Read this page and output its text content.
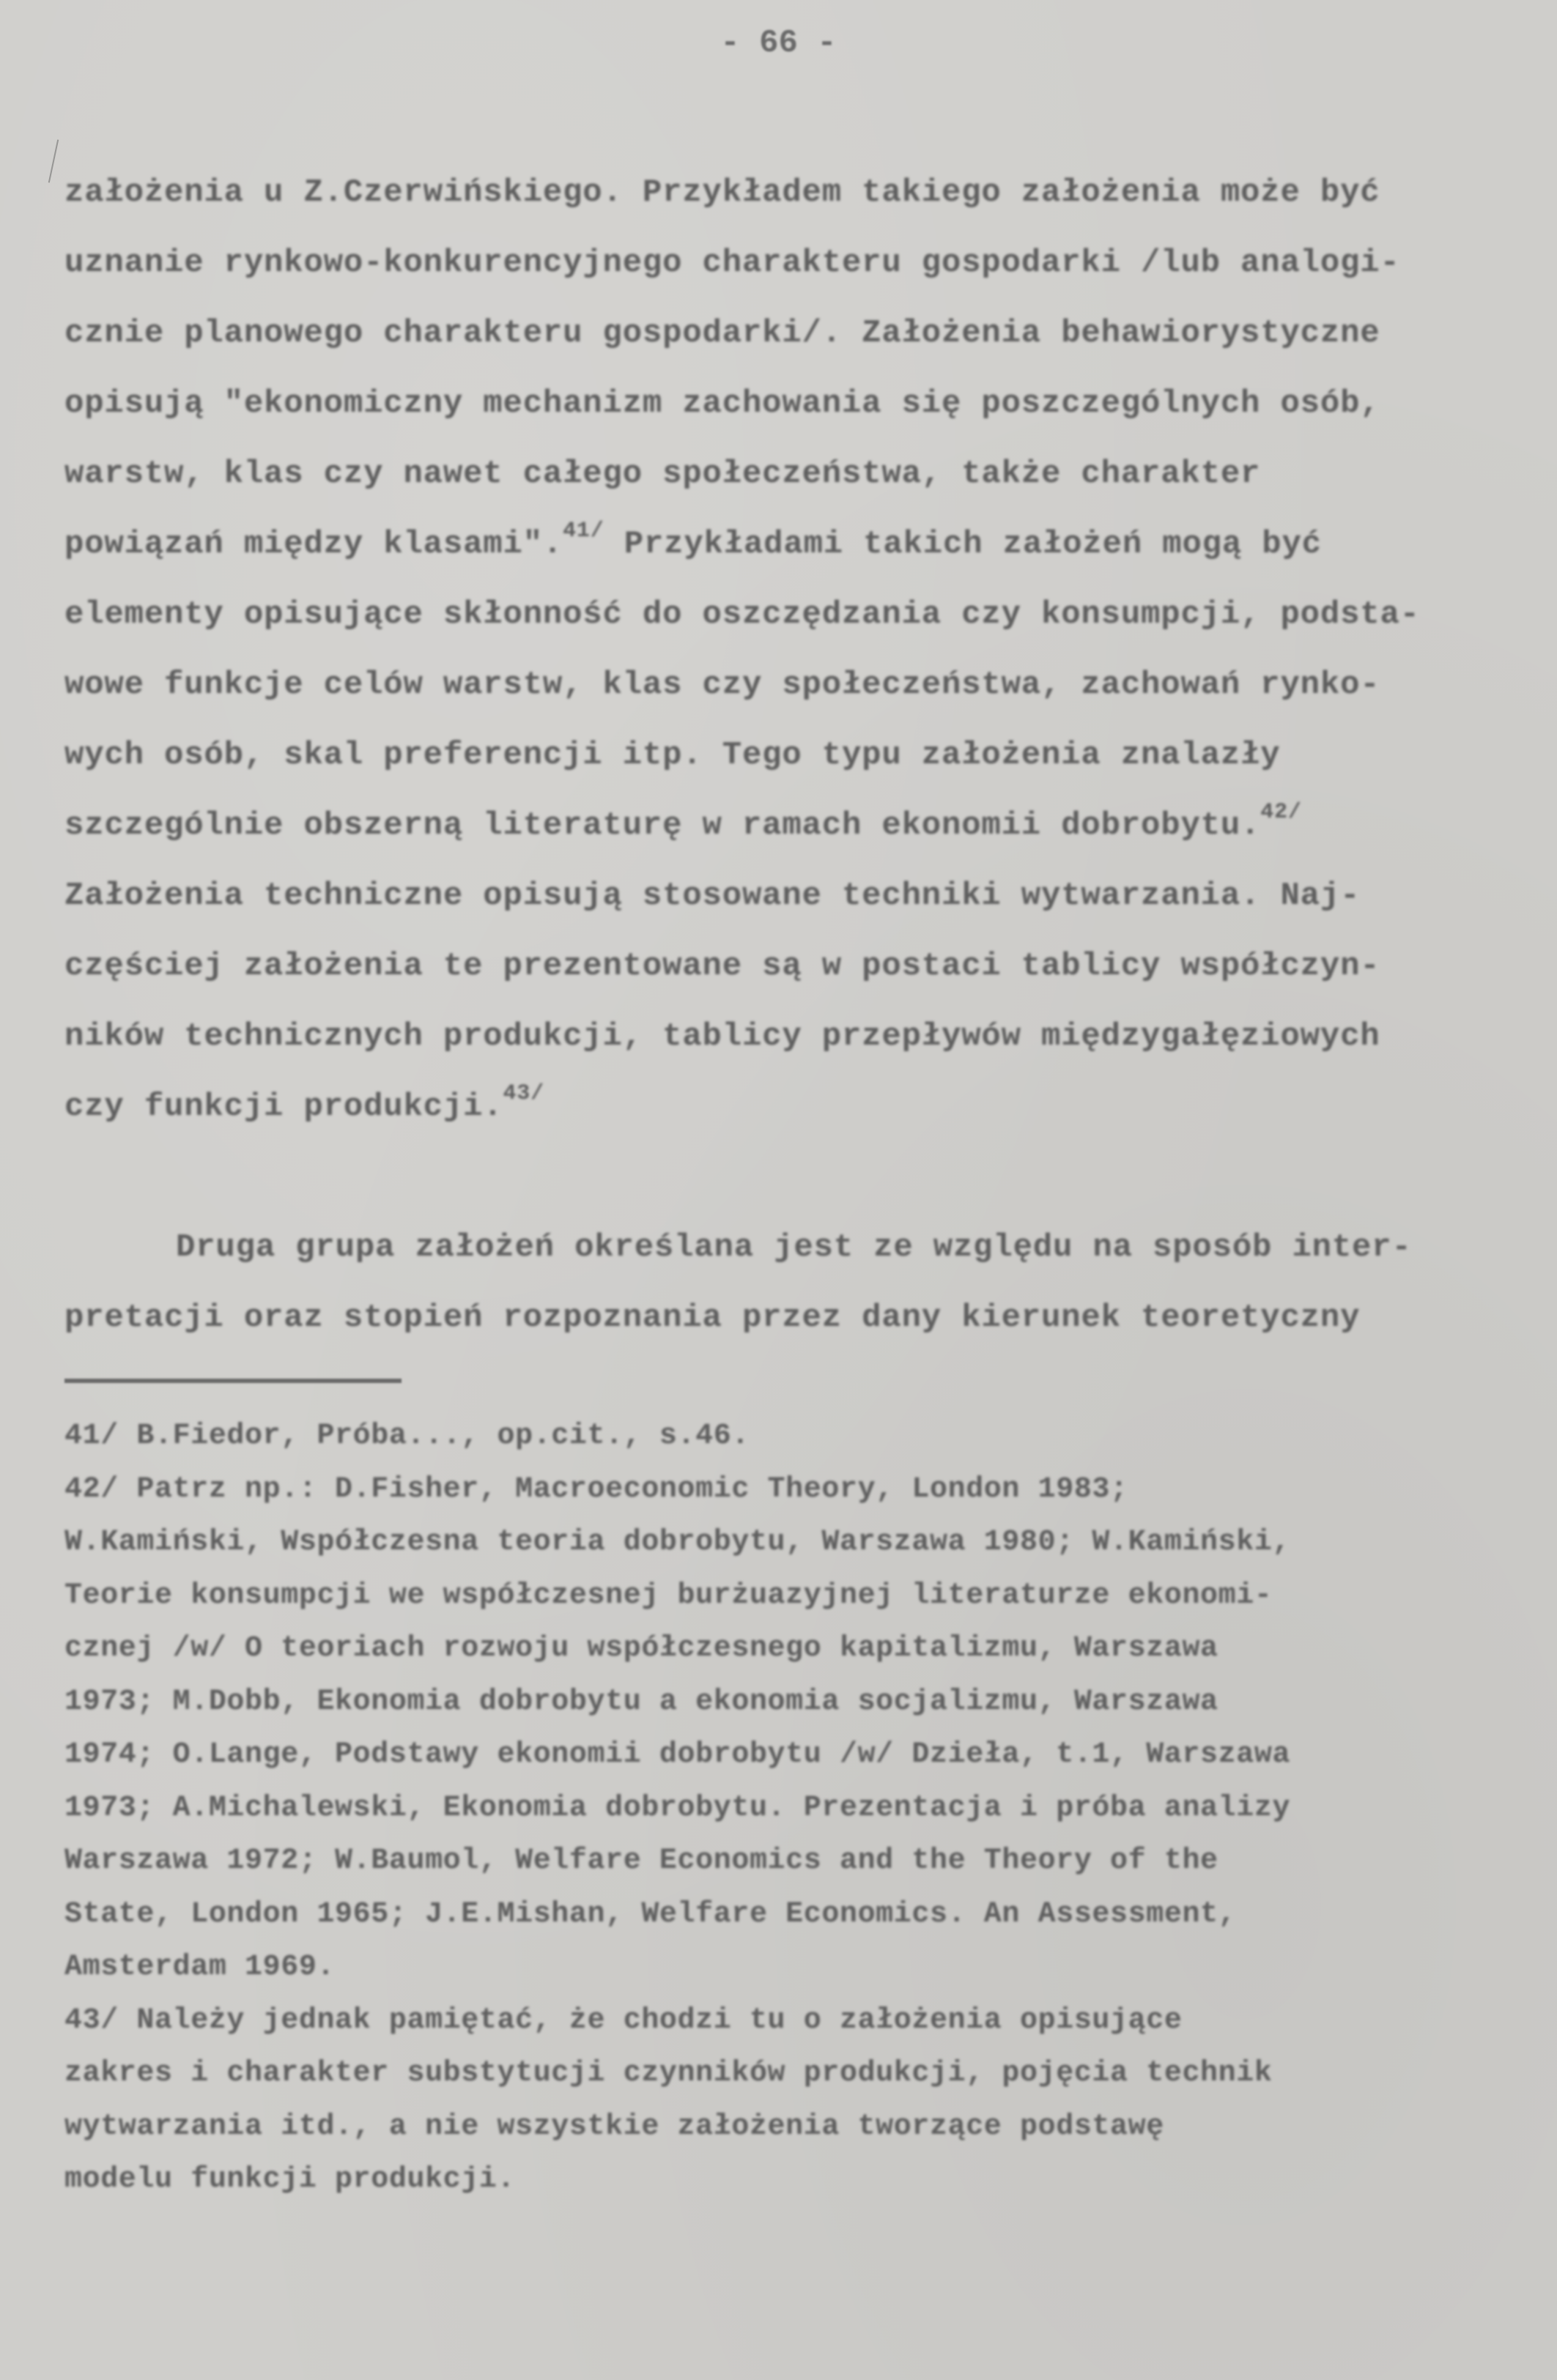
- 66 -
założenia u Z.Czerwińskiego. Przykładem takiego założenia może być
uznanie rynkowo-konkurencyjnego charakteru gospodarki /lub analogi-
cznie planowego charakteru gospodarki/. Założenia behawiorystyczne
opisują "ekonomiczny mechanizm zachowania się poszczególnych osób,
warstw, klas czy nawet całego społeczeństwa, także charakter
powiązań między klasami".$^{41/}$ Przykładami takich założeń mogą być
elementy opisujące skłonność do oszczędzania czy konsumpcji, podsta-
wowe funkcje celów warstw, klas czy społeczeństwa, zachowań rynko-
wych osób, skal preferencji itp. Tego typu założenia znalazły
szczególnie obszerną literaturę w ramach ekonomii dobrobytu.$^{42/}$
Założenia techniczne opisują stosowane techniki wytwarzania. Naj-
częściej założenia te prezentowane są w postaci tablicy współczyn-
ników technicznych produkcji, tablicy przepływów międzygałęziowych
czy funkcji produkcji.$^{43/}$
Druga grupa założeń określana jest ze względu na sposób inter-
pretacji oraz stopień rozpoznania przez dany kierunek teoretyczny
41/ B.Fiedor, Próba..., op.cit., s.46.
42/ Patrz np.: D.Fisher, Macroeconomic Theory, London 1983;
W.Kamiński, Współczesna teoria dobrobytu, Warszawa 1980; W.Kamiński,
Teorie konsumpcji we współczesnej burżuazyjnej literaturze ekonomi-
cznej /w/ O teoriach rozwoju współczesnego kapitalizmu, Warszawa
1973; M.Dobb, Ekonomia dobrobytu a ekonomia socjalizmu, Warszawa
1974; O.Lange, Podstawy ekonomii dobrobytu /w/ Dzieła, t.1, Warszawa
1973; A.Michalewski, Ekonomia dobrobytu. Prezentacja i próba analizy
Warszawa 1972; W.Baumol, Welfare Economics and the Theory of the
State, London 1965; J.E.Mishan, Welfare Economics. An Assessment,
Amsterdam 1969.
43/ Należy jednak pamiętać, że chodzi tu o założenia opisujące
zakres i charakter substytucji czynników produkcji, pojęcia technik
wytwarzania itd., a nie wszystkie założenia tworzące podstawę
modelu funkcji produkcji.
